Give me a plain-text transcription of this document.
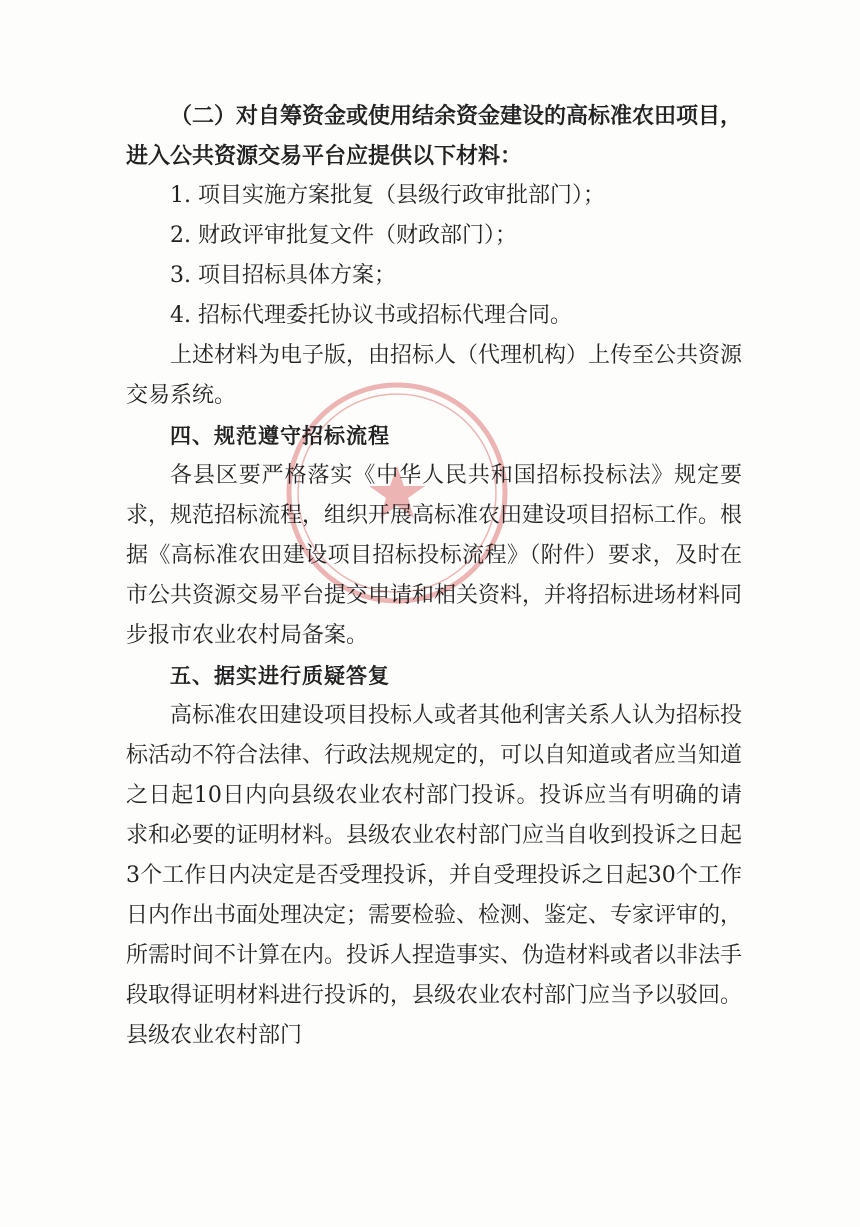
（二）对自筹资金或使用结余资金建设的高标准农田项目，进入公共资源交易平台应提供以下材料：

1. 项目实施方案批复（县级行政审批部门）；

2. 财政评审批复文件（财政部门）；

3. 项目招标具体方案；

4. 招标代理委托协议书或招标代理合同。

上述材料为电子版，由招标人（代理机构）上传至公共资源交易系统。

四、规范遵守招标流程

各县区要严格落实《中华人民共和国招标投标法》规定要求，规范招标流程，组织开展高标准农田建设项目招标工作。根据《高标准农田建设项目招标投标流程》（附件）要求，及时在市公共资源交易平台提交申请和相关资料，并将招标进场材料同步报市农业农村局备案。

五、据实进行质疑答复

高标准农田建设项目投标人或者其他利害关系人认为招标投标活动不符合法律、行政法规规定的，可以自知道或者应当知道之日起10日内向县级农业农村部门投诉。投诉应当有明确的请求和必要的证明材料。县级农业农村部门应当自收到投诉之日起3个工作日内决定是否受理投诉，并自受理投诉之日起30个工作日内作出书面处理决定；需要检验、检测、鉴定、专家评审的，所需时间不计算在内。投诉人捏造事实、伪造材料或者以非法手段取得证明材料进行投诉的，县级农业农村部门应当予以驳回。县级农业农村部门
